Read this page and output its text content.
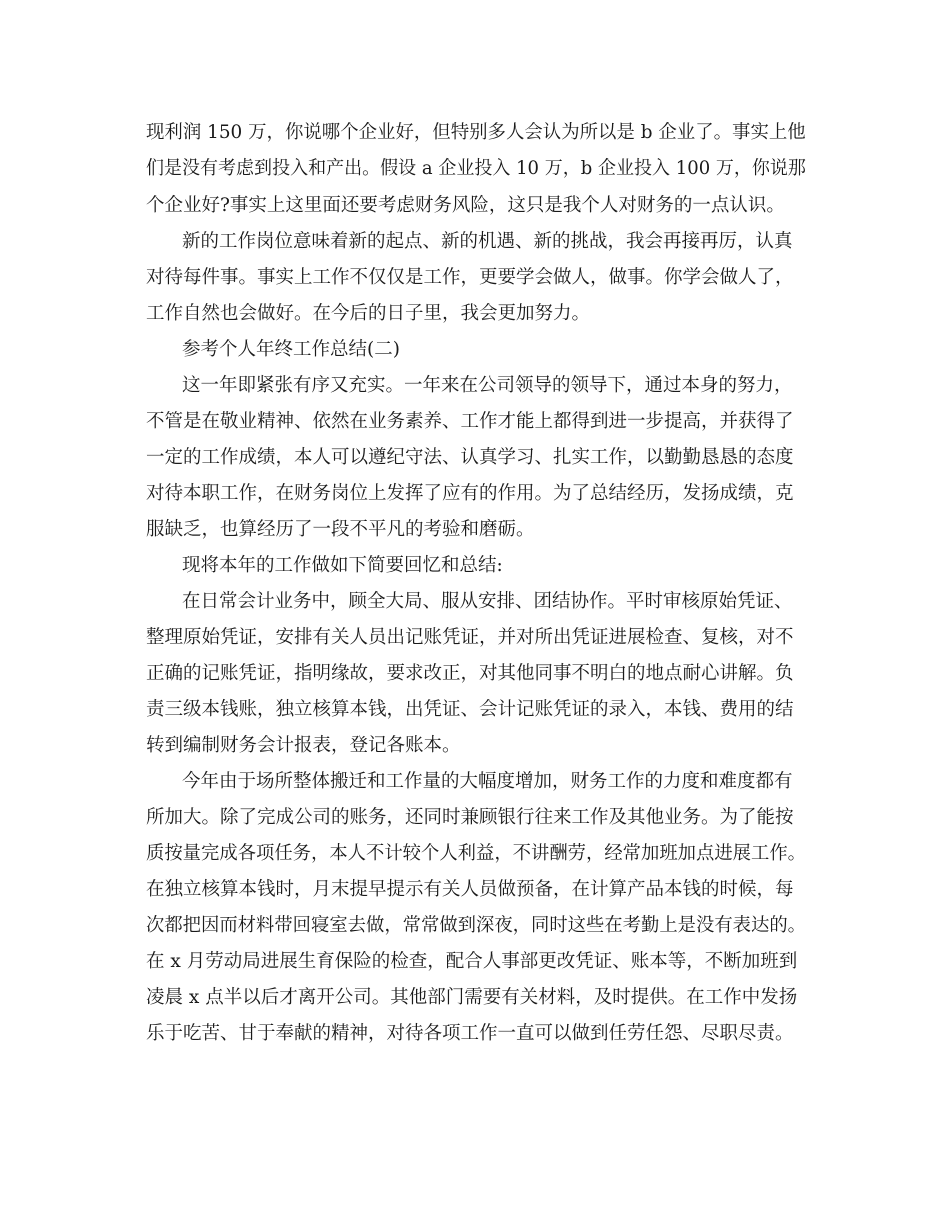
现利润 150 万，你说哪个企业好，但特别多人会认为所以是 b 企业了。事实上他
们是没有考虑到投入和产出。假设 a 企业投入 10 万，b 企业投入 100 万，你说那
个企业好?事实上这里面还要考虑财务风险，这只是我个人对财务的一点认识。
新的工作岗位意味着新的起点、新的机遇、新的挑战，我会再接再厉，认真
对待每件事。事实上工作不仅仅是工作，更要学会做人，做事。你学会做人了，
工作自然也会做好。在今后的日子里，我会更加努力。
参考个人年终工作总结(二)
这一年即紧张有序又充实。一年来在公司领导的领导下，通过本身的努力，
不管是在敬业精神、依然在业务素养、工作才能上都得到进一步提高，并获得了
一定的工作成绩，本人可以遵纪守法、认真学习、扎实工作，以勤勤恳恳的态度
对待本职工作，在财务岗位上发挥了应有的作用。为了总结经历，发扬成绩，克
服缺乏，也算经历了一段不平凡的考验和磨砺。
现将本年的工作做如下简要回忆和总结:
在日常会计业务中，顾全大局、服从安排、团结协作。平时审核原始凭证、
整理原始凭证，安排有关人员出记账凭证，并对所出凭证进展检查、复核，对不
正确的记账凭证，指明缘故，要求改正，对其他同事不明白的地点耐心讲解。负
责三级本钱账，独立核算本钱，出凭证、会计记账凭证的录入，本钱、费用的结
转到编制财务会计报表，登记各账本。
今年由于场所整体搬迁和工作量的大幅度增加，财务工作的力度和难度都有
所加大。除了完成公司的账务，还同时兼顾银行往来工作及其他业务。为了能按
质按量完成各项任务，本人不计较个人利益，不讲酬劳，经常加班加点进展工作。
在独立核算本钱时，月末提早提示有关人员做预备，在计算产品本钱的时候，每
次都把因而材料带回寝室去做，常常做到深夜，同时这些在考勤上是没有表达的。
在 x 月劳动局进展生育保险的检查，配合人事部更改凭证、账本等，不断加班到
凌晨 x 点半以后才离开公司。其他部门需要有关材料，及时提供。在工作中发扬
乐于吃苦、甘于奉献的精神，对待各项工作一直可以做到任劳任怨、尽职尽责。
